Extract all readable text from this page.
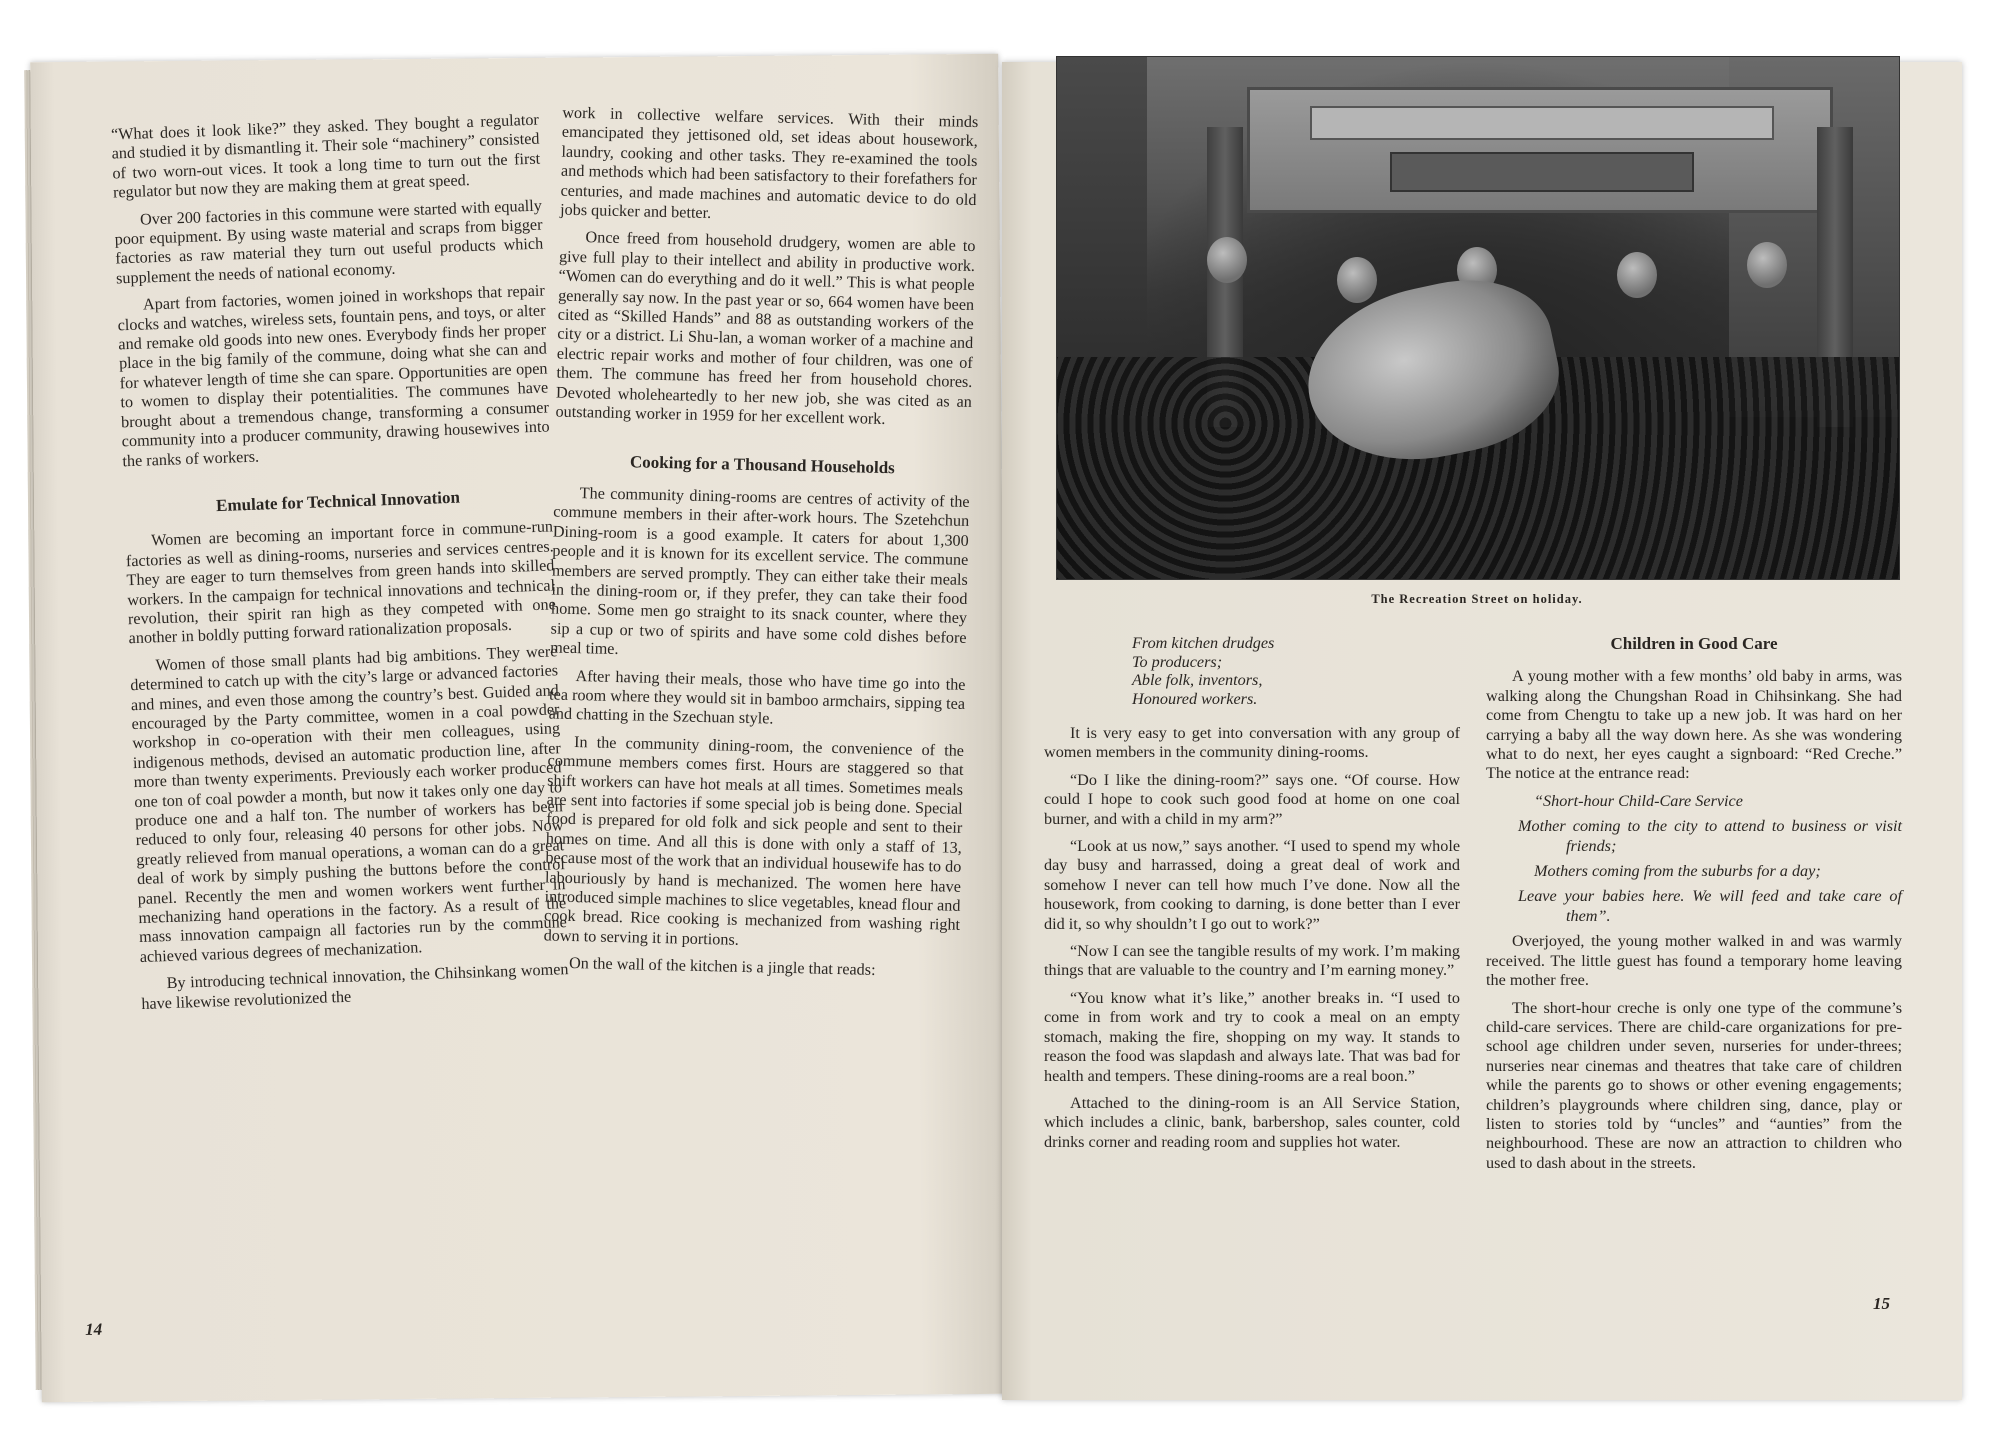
“What does it look like?” they asked. They bought a regulator and studied it by dismantling it. Their sole “machinery” consisted of two worn-out vices. It took a long time to turn out the first regulator but now they are making them at great speed.

Over 200 factories in this commune were started with equally poor equipment. By using waste material and scraps from bigger factories as raw material they turn out useful products which supplement the needs of national economy.

Apart from factories, women joined in workshops that repair clocks and watches, wireless sets, fountain pens, and toys, or alter and remake old goods into new ones. Everybody finds her proper place in the big family of the commune, doing what she can and for whatever length of time she can spare. Opportunities are open to women to display their potentialities. The communes have brought about a tremendous change, transforming a consumer community into a producer community, drawing housewives into the ranks of workers.

Emulate for Technical Innovation

Women are becoming an important force in commune-run factories as well as dining-rooms, nurseries and services centres. They are eager to turn themselves from green hands into skilled workers. In the campaign for technical innovations and technical revolution, their spirit ran high as they competed with one another in boldly putting forward rationalization proposals.

Women of those small plants had big ambitions. They were determined to catch up with the city’s large or advanced factories and mines, and even those among the country’s best. Guided and encouraged by the Party committee, women in a coal powder workshop in co-operation with their men colleagues, using indigenous methods, devised an automatic production line, after more than twenty experiments. Previously each worker produced one ton of coal powder a month, but now it takes only one day to produce one and a half ton. The number of workers has been reduced to only four, releasing 40 persons for other jobs. Now greatly relieved from manual operations, a woman can do a great deal of work by simply pushing the buttons before the control panel. Recently the men and women workers went further in mechanizing hand operations in the factory. As a result of the mass innovation campaign all factories run by the commune achieved various degrees of mechanization.

By introducing technical innovation, the Chihsinkang women have likewise revolutionized the

work in collective welfare services. With their minds emancipated they jettisoned old, set ideas about housework, laundry, cooking and other tasks. They re-examined the tools and methods which had been satisfactory to their forefathers for centuries, and made machines and automatic device to do old jobs quicker and better.

Once freed from household drudgery, women are able to give full play to their intellect and ability in productive work. “Women can do everything and do it well.” This is what people generally say now. In the past year or so, 664 women have been cited as “Skilled Hands” and 88 as outstanding workers of the city or a district. Li Shu-lan, a woman worker of a machine and electric repair works and mother of four children, was one of them. The commune has freed her from household chores. Devoted wholeheartedly to her new job, she was cited as an outstanding worker in 1959 for her excellent work.

Cooking for a Thousand Households

The community dining-rooms are centres of activity of the commune members in their after-work hours. The Szetehchun Dining-room is a good example. It caters for about 1,300 people and it is known for its excellent service. The commune members are served promptly. They can either take their meals in the dining-room or, if they prefer, they can take their food home. Some men go straight to its snack counter, where they sip a cup or two of spirits and have some cold dishes before meal time.

After having their meals, those who have time go into the tea room where they would sit in bamboo armchairs, sipping tea and chatting in the Szechuan style.

In the community dining-room, the convenience of the commune members comes first. Hours are staggered so that shift workers can have hot meals at all times. Sometimes meals are sent into factories if some special job is being done. Special food is prepared for old folk and sick people and sent to their homes on time. And all this is done with only a staff of 13, because most of the work that an individual housewife has to do labouriously by hand is mechanized. The women here have introduced simple machines to slice vegetables, knead flour and cook bread. Rice cooking is mechanized from washing right down to serving it in portions.

On the wall of the kitchen is a jingle that reads:

14
The Recreation Street on holiday.
From kitchen drudges
To producers;
Able folk, inventors,
Honoured workers.

It is very easy to get into conversation with any group of women members in the community dining-rooms.

“Do I like the dining-room?” says one. “Of course. How could I hope to cook such good food at home on one coal burner, and with a child in my arm?”

“Look at us now,” says another. “I used to spend my whole day busy and harrassed, doing a great deal of work and somehow I never can tell how much I’ve done. Now all the housework, from cooking to darning, is done better than I ever did it, so why shouldn’t I go out to work?”

“Now I can see the tangible results of my work. I’m making things that are valuable to the country and I’m earning money.”

“You know what it’s like,” another breaks in. “I used to come in from work and try to cook a meal on an empty stomach, making the fire, shopping on my way. It stands to reason the food was slapdash and always late. That was bad for health and tempers. These dining-rooms are a real boon.”

Attached to the dining-room is an All Service Station, which includes a clinic, bank, barbershop, sales counter, cold drinks corner and reading room and supplies hot water.

Children in Good Care

A young mother with a few months’ old baby in arms, was walking along the Chungshan Road in Chihsinkang. She had come from Chengtu to take up a new job. It was hard on her carrying a baby all the way down here. As she was wondering what to do next, her eyes caught a signboard: “Red Creche.” The notice at the entrance read:

“Short-hour Child-Care Service

Mother coming to the city to attend to business or visit friends;

Mothers coming from the suburbs for a day;

Leave your babies here. We will feed and take care of them”.

Overjoyed, the young mother walked in and was warmly received. The little guest has found a temporary home leaving the mother free.

The short-hour creche is only one type of the commune’s child-care services. There are child-care organizations for pre-school age children under seven, nurseries for under-threes; nurseries near cinemas and theatres that take care of children while the parents go to shows or other evening engagements; children’s playgrounds where children sing, dance, play or listen to stories told by “uncles” and “aunties” from the neighbourhood. These are now an attraction to children who used to dash about in the streets.

15
